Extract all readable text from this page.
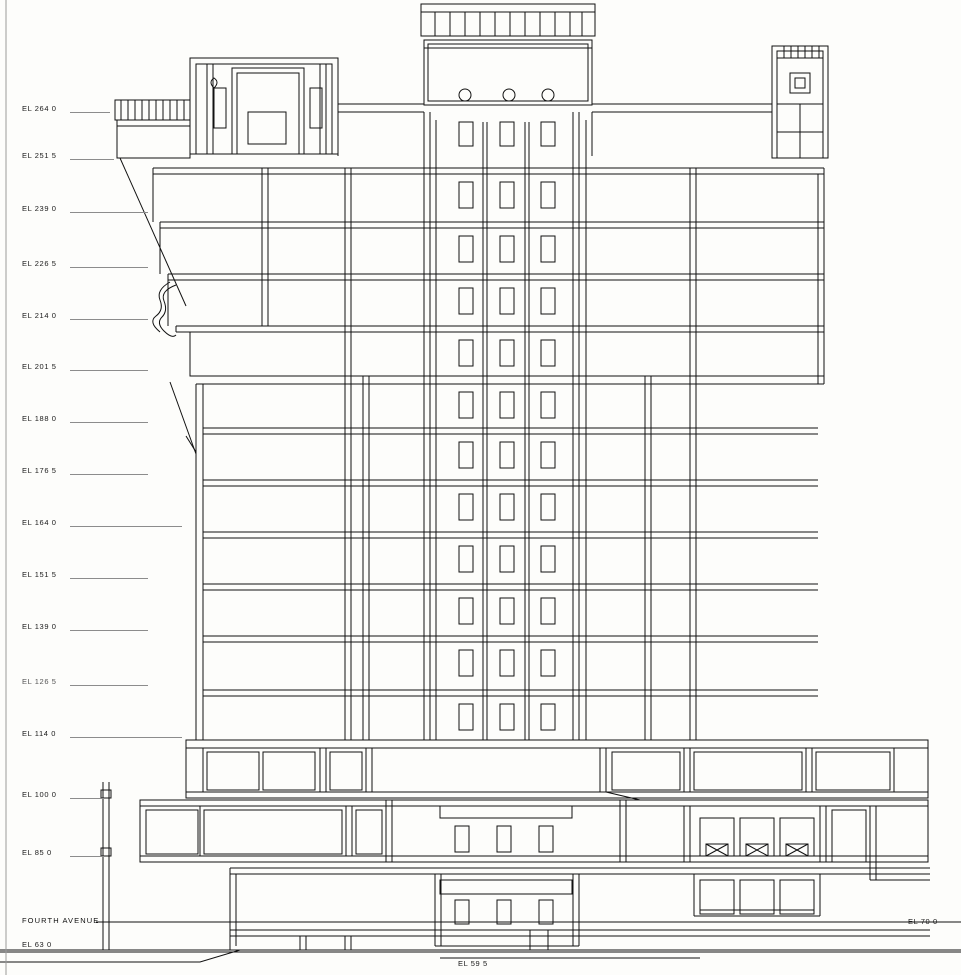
EL 264 0
EL 251 5
EL 239 0
EL 226 5
EL 214 0
EL 201 5
EL 188 0
EL 176 5
EL 164 0
EL 151 5
EL 139 0
EL 126 5
EL 114 0
EL 100 0
EL 85 0
EL 63 0
FOURTH AVENUE	EL 70 0
EL 59 5
